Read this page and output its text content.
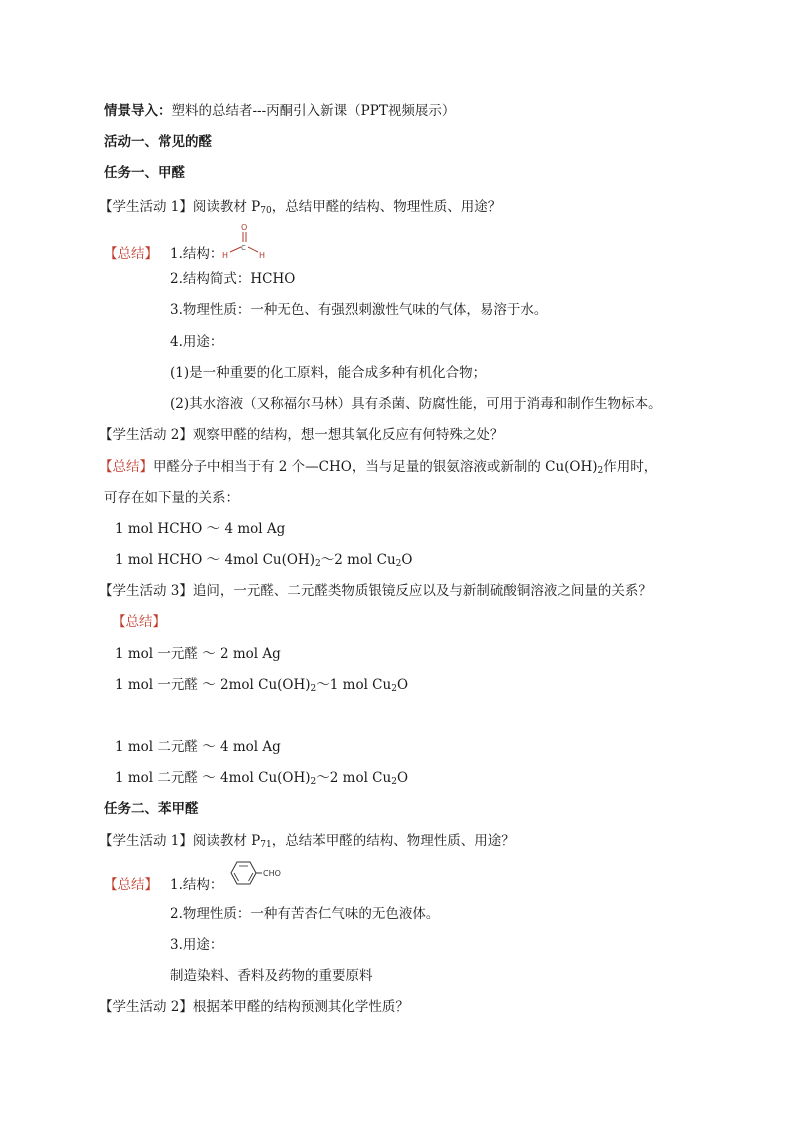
情景导入：塑料的总结者---丙酮引入新课（PPT视频展示）
活动一、常见的醛
任务一、甲醛
【学生活动 1】阅读教材 $P_{70}$，总结甲醛的结构、物理性质、用途？
【总结】 1.结构：
O
C
H	H
2.结构简式：HCHO
3.物理性质：一种无色、有强烈刺激性气味的气体，易溶于水。
4.用途：
(1)是一种重要的化工原料，能合成多种有机化合物；
(2)其水溶液（又称福尔马林）具有杀菌、防腐性能，可用于消毒和制作生物标本。
【学生活动 2】观察甲醛的结构，想一想其氧化反应有何特殊之处？
【总结】甲醛分子中相当于有 2 个—CHO，当与足量的银氨溶液或新制的 $Cu(OH)_2$作用时，
可存在如下量的关系：
1 mol HCHO ～ 4 mol Ag
1 mol HCHO ～ 4mol $Cu(OH)_2\sim 2$ mol $Cu_2O$
【学生活动 3】追问，一元醛、二元醛类物质银镜反应以及与新制硫酸铜溶液之间量的关系？
【总结】
1 mol 一元醛 ～ 2 mol Ag
1 mol 一元醛 ～ 2mol $Cu(OH)_2\sim 1$ mol $Cu_2O$
1 mol 二元醛 ～ 4 mol Ag
1 mol 二元醛 ～ 4mol $Cu(OH)_2\sim 2$ mol $Cu_2O$
任务二、苯甲醛
【学生活动 1】阅读教材 $P_{71}$，总结苯甲醛的结构、物理性质、用途？
【总结】 1.结构：
CHO
2.物理性质：一种有苦杏仁气味的无色液体。
3.用途：
制造染料、香料及药物的重要原料
【学生活动 2】根据苯甲醛的结构预测其化学性质？
